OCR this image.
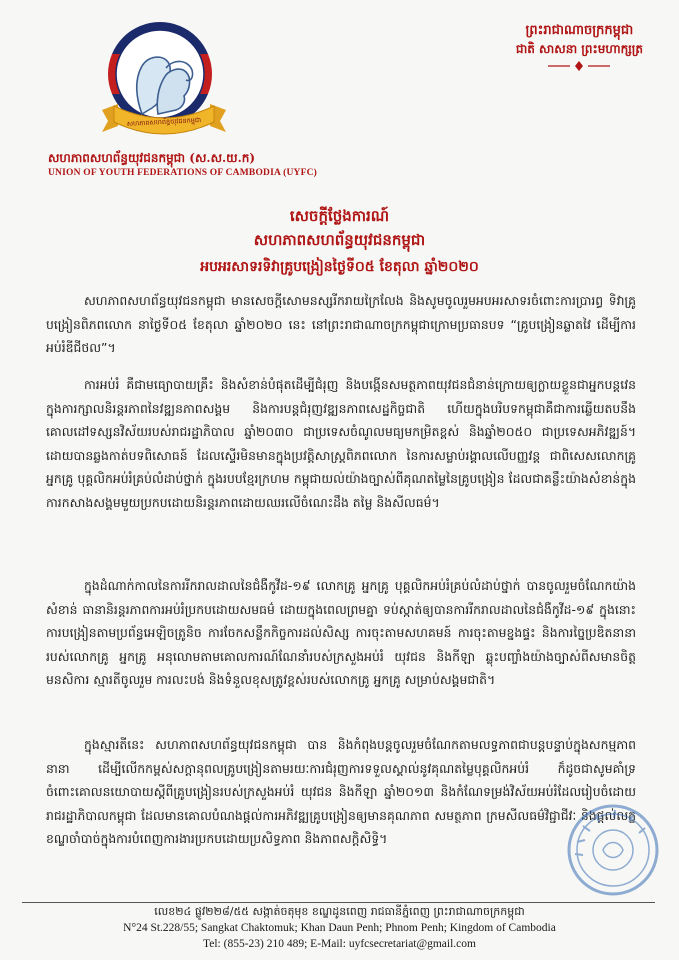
សហភាពសហព័ន្ធយុវជនកម្ពុជា
សហភាពសហព័ន្ធយុវជនកម្ពុជា (ស.ស.យ.ក)
UNION OF YOUTH FEDERATIONS OF CAMBODIA (UYFC)
ព្រះរាជាណាចក្រកម្ពុជា
ជាតិ សាសនា ព្រះមហាក្សត្រ
សេចក្តីថ្លែងការណ៍
សហភាពសហព័ន្ធយុវជនកម្ពុជា
អបអរសាទរទិវាគ្រូបង្រៀនថ្ងៃទី០៥ ខែតុលា ឆ្នាំ២០២០
សហភាពសហព័ន្ធយុវជនកម្ពុជា មានសេចក្តីសោមនស្សរីករាយក្រៃលែង និងសូមចូលរួមអបអរសាទរចំពោះការប្រារព្ធ ទិវាគ្រូបង្រៀនពិភពលោក នាថ្ងៃទី០៥ ខែតុលា ឆ្នាំ២០២០ នេះ នៅព្រះរាជាណាចក្រកម្ពុជាក្រោមប្រធានបទ “គ្រូបង្រៀនឆ្លាតវៃ ដើម្បីការអប់រំឌីជីថល”។
ការអប់រំ គឺជាមធ្យោបាយគ្រឹះ និងសំខាន់បំផុតដើម្បីជំរុញ និងបង្កើនសមត្ថភាពយុវជនជំនាន់ក្រោយឲ្យក្លាយខ្លួនជាអ្នកបន្តវេនក្នុងការក្សាលនិរន្តរភាពនៃវឌ្ឍនភាពសង្គម និងការបន្តជំរុញវឌ្ឍនភាពសេដ្ឋកិច្ចជាតិ ហើយក្នុងបរិបទកម្ពុជាគឺជាការឆ្លើយតបនឹងគោលដៅទស្សនវិស័យរបស់រាជរដ្ឋាភិបាល ឆ្នាំ២០៣០ ជាប្រទេសចំណូលមធ្យមកម្រិតខ្ពស់ និងឆ្នាំ២០៥០ ជាប្រទេសអភិវឌ្ឍន៍។ ដោយបានឆ្លងកាត់បទពិសោធន៍ ដែលស្ទើរមិនមានក្នុងប្រវត្តិសាស្ត្រពិភពលោក នៃការសម្លាប់រង្គាលលើបញ្ញវន្ត ជាពិសេសលោកគ្រូ អ្នកគ្រូ បុគ្គលិកអប់រំគ្រប់លំដាប់ថ្នាក់ ក្នុងរបបខ្មែរក្រហម កម្ពុជាយល់យ៉ាងច្បាស់ពីគុណតម្លៃនៃគ្រូបង្រៀន ដែលជាគន្លឹះយ៉ាងសំខាន់ក្នុងការកសាងសង្គមមួយប្រកបដោយនិរន្តរភាពដោយឈរលើចំណេះដឹង តម្លៃ និងសីលធម៌។
ក្នុងដំណាក់កាលនៃការរីករាលដាលនៃជំងឺកូវីដ-១៩ លោកគ្រូ អ្នកគ្រូ បុគ្គលិកអប់រំគ្រប់លំដាប់ថ្នាក់ បានចូលរួមចំណែកយ៉ាងសំខាន់ ធានានិរន្តរភាពការអប់រំប្រកបដោយសមធម៌ ដោយក្នុងពេលព្រមគ្នា ទប់ស្កាត់ឲ្យបានការរីករាលដាលនៃជំងឺកូវីដ-១៩ ក្នុងនោះការបង្រៀនតាមប្រព័ន្ធអេឡិចត្រូនិច ការចែកសន្លឹកកិច្ចការដល់សិស្ស ការចុះតាមសហគមន៍ ការចុះតាមខ្នងផ្ទះ និងការច្នៃប្រឌិតនានារបស់លោកគ្រូ អ្នកគ្រូ អនុលោមតាមគោលការណ៍ណែនាំរបស់ក្រសួងអប់រំ យុវជន និងកីឡា ឆ្លុះបញ្ចាំងយ៉ាងច្បាស់ពីសមានចិត្ត មនសិការ ស្មារតីចូលរួម ការលះបង់ និងទំនួលខុសត្រូវខ្ពស់របស់លោកគ្រូ អ្នកគ្រូ សម្រាប់សង្គមជាតិ។
ក្នុងស្មារតីនេះ សហភាពសហព័ន្ធយុវជនកម្ពុជា បាន និងកំពុងបន្តចូលរួមចំណែកតាមលទ្ធភាពជាបន្តបន្ទាប់ក្នុងសកម្មភាពនានា ដើម្បីលើកកម្ពស់សក្តានុពលគ្រូបង្រៀនតាមរយៈការជំរុញការទទួលស្គាល់នូវគុណតម្លៃបុគ្គលិកអប់រំ ក៏ដូចជាសូមគាំទ្រចំពោះគោលនយោបាយស្តីពីគ្រូបង្រៀនរបស់ក្រសួងអប់រំ យុវជន និងកីឡា ឆ្នាំ២០១៣ និងកំណែទម្រង់វិស័យអប់រំដែលរៀបចំដោយរាជរដ្ឋាភិបាលកម្ពុជា ដែលមានគោលបំណងផ្តល់ការអភិវឌ្ឍគ្រូបង្រៀនឲ្យមានគុណភាព សមត្ថភាព ក្រមសីលធម៌វិជ្ជាជីវៈ និងផ្តល់លក្ខខណ្ឌចាំបាច់ក្នុងការបំពេញការងារប្រកបដោយប្រសិទ្ធភាព និងភាពសក្តិសិទ្ធិ។
លេខ២៤ ផ្លូវ២២៨/៥៥ សង្កាត់ចតុមុខ ខណ្ឌដូនពេញ រាជធានីភ្នំពេញ ព្រះរាជាណាចក្រកម្ពុជា
N°24 St.228/55; Sangkat Chaktomuk; Khan Daun Penh; Phnom Penh; Kingdom of Cambodia
Tel: (855-23) 210 489; E-Mail: uyfcsecretariat@gmail.com
